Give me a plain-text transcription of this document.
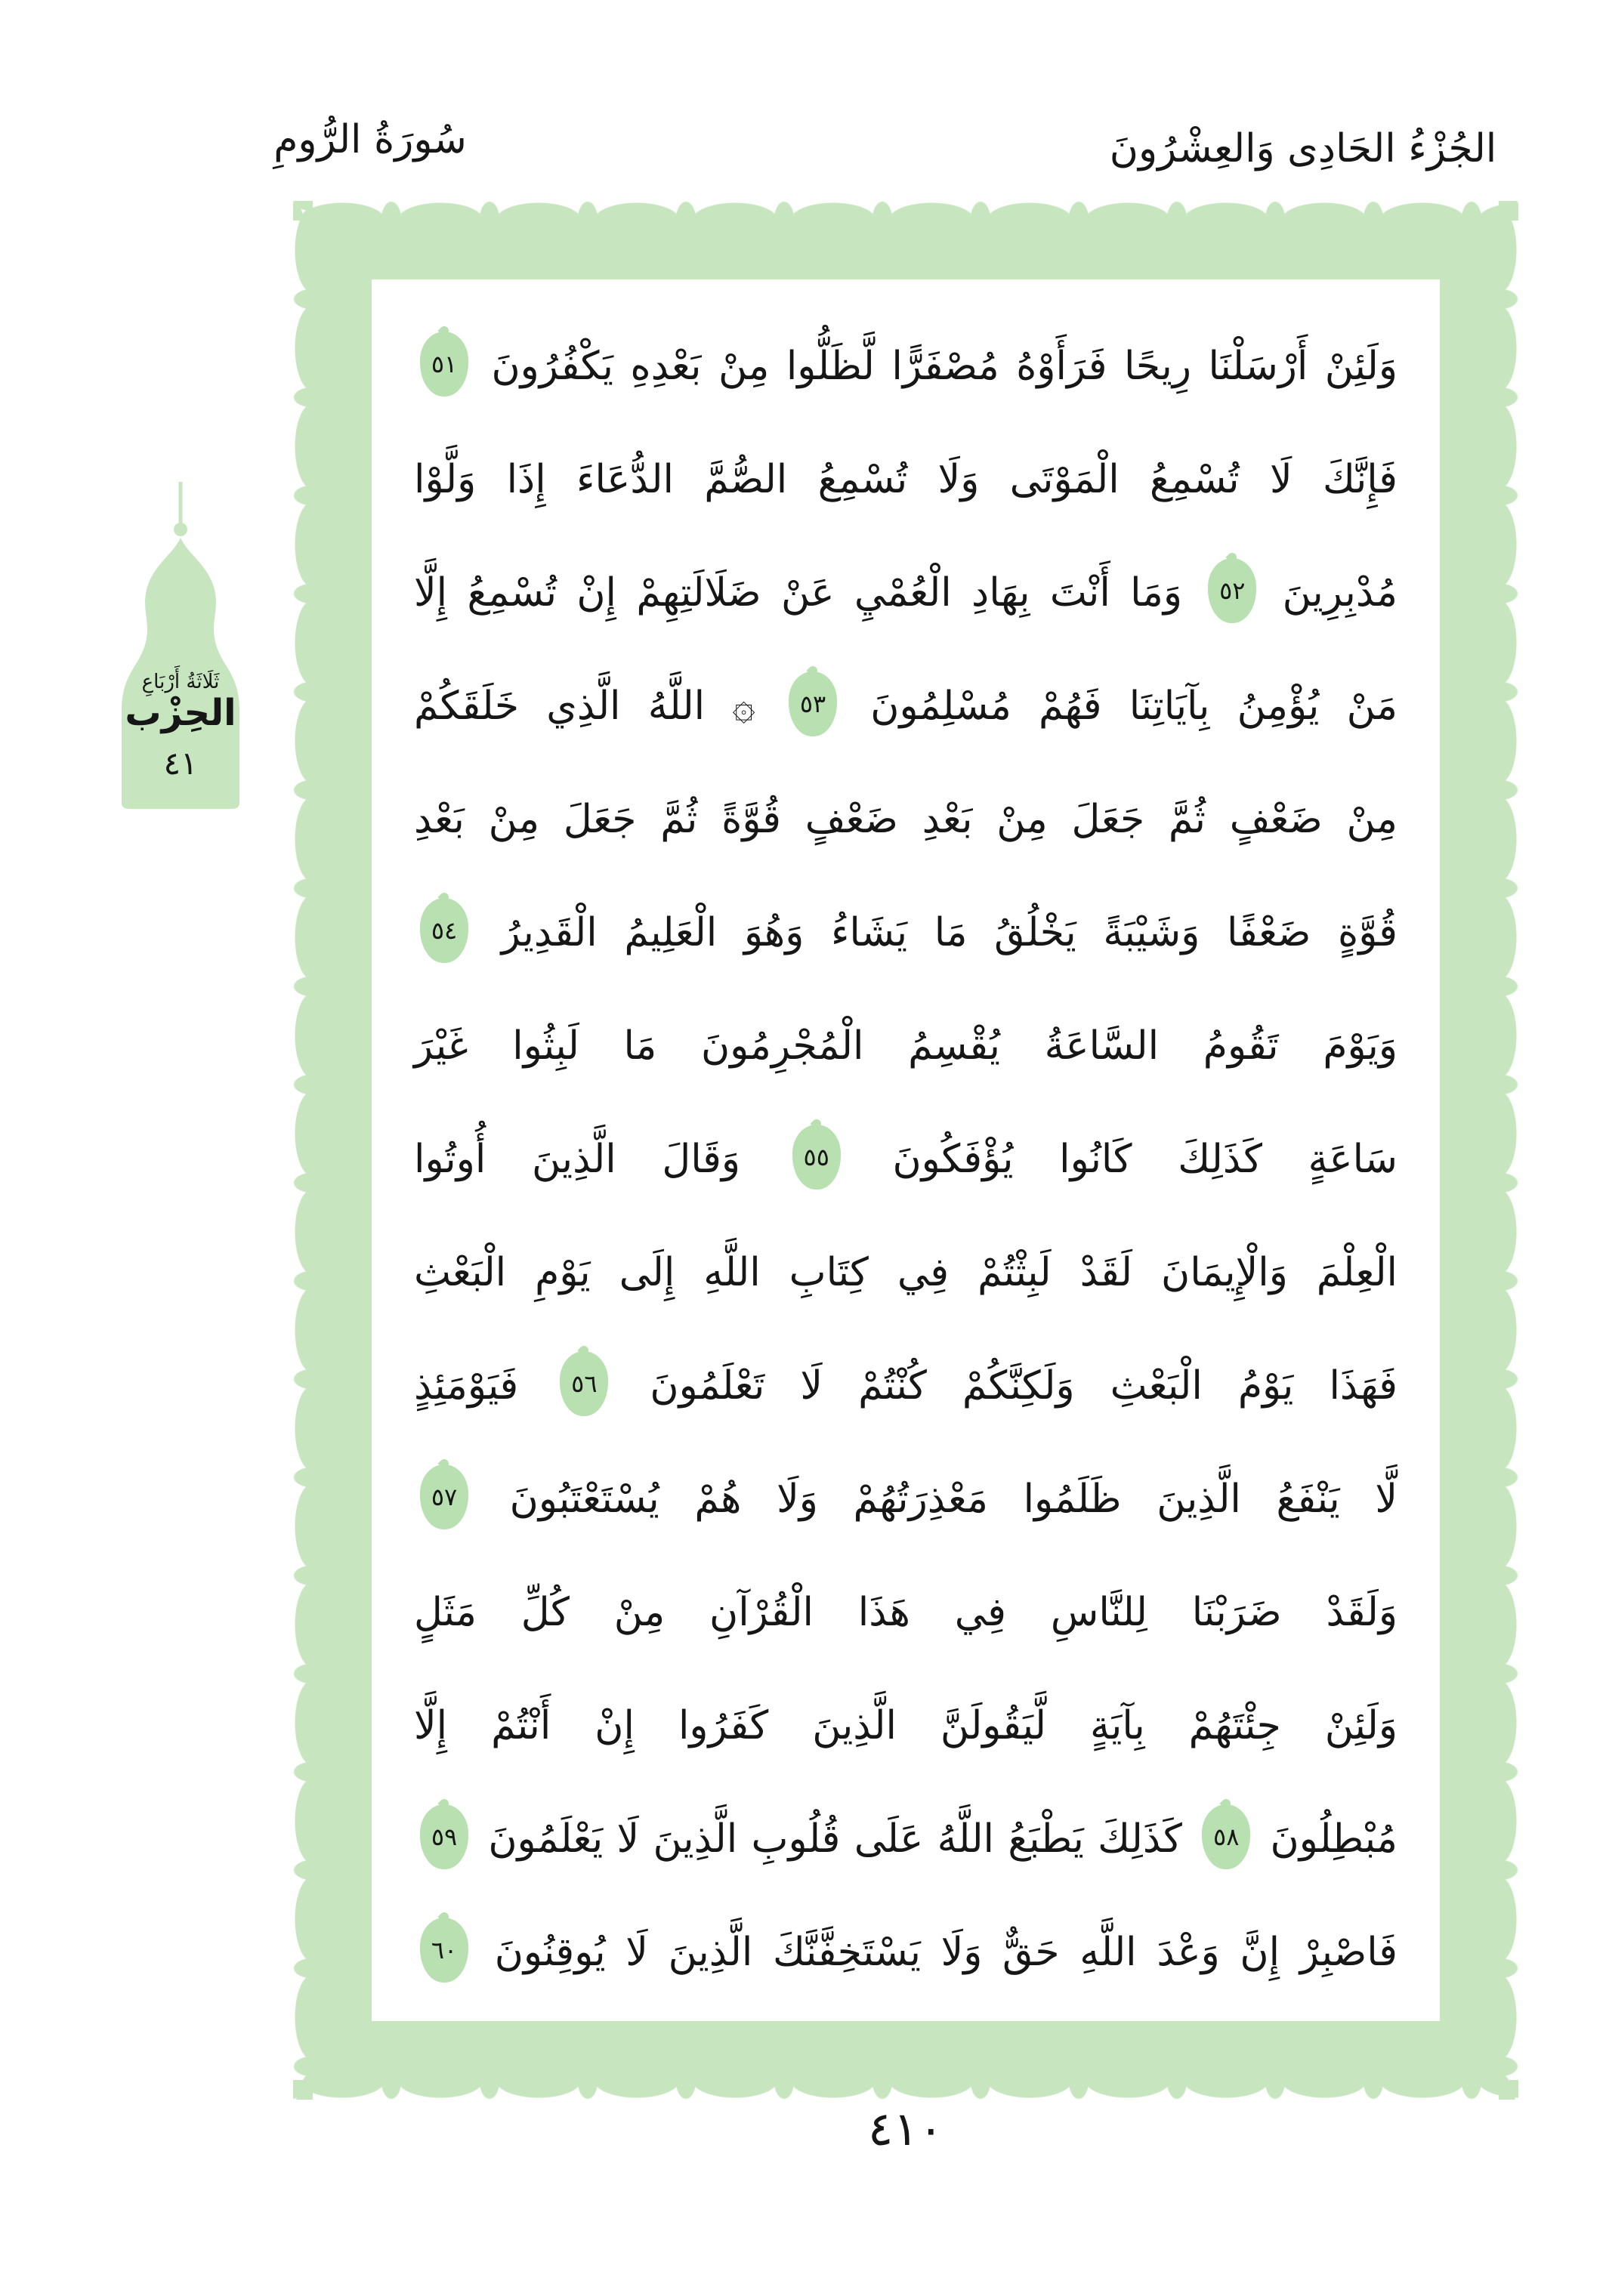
سُورَةُ الرُّومِ	الجُزْءُ الحَادِى وَالعِشْرُونَ
ثَلَاثَةُ أَرْبَاعِ
الحِزْب
٤١
وَلَئِنْ أَرْسَلْنَا رِيحًا فَرَأَوْهُ مُصْفَرًّا لَّظَلُّوا مِنْ بَعْدِهِ يَكْفُرُونَ ٥١
فَإِنَّكَ لَا تُسْمِعُ الْمَوْتَى وَلَا تُسْمِعُ الصُّمَّ الدُّعَاءَ إِذَا وَلَّوْا
مُدْبِرِينَ ٥٢ وَمَا أَنْتَ بِهَادِ الْعُمْيِ عَنْ ضَلَالَتِهِمْ إِنْ تُسْمِعُ إِلَّا
مَنْ يُؤْمِنُ بِآيَاتِنَا فَهُمْ مُسْلِمُونَ ٥٣ ۞ اللَّهُ الَّذِي خَلَقَكُمْ
مِنْ ضَعْفٍ ثُمَّ جَعَلَ مِنْ بَعْدِ ضَعْفٍ قُوَّةً ثُمَّ جَعَلَ مِنْ بَعْدِ
قُوَّةٍ ضَعْفًا وَشَيْبَةً يَخْلُقُ مَا يَشَاءُ وَهُوَ الْعَلِيمُ الْقَدِيرُ ٥٤
وَيَوْمَ تَقُومُ السَّاعَةُ يُقْسِمُ الْمُجْرِمُونَ مَا لَبِثُوا غَيْرَ
سَاعَةٍ كَذَلِكَ كَانُوا يُؤْفَكُونَ ٥٥ وَقَالَ الَّذِينَ أُوتُوا
الْعِلْمَ وَالْإِيمَانَ لَقَدْ لَبِثْتُمْ فِي كِتَابِ اللَّهِ إِلَى يَوْمِ الْبَعْثِ
فَهَذَا يَوْمُ الْبَعْثِ وَلَكِنَّكُمْ كُنْتُمْ لَا تَعْلَمُونَ ٥٦ فَيَوْمَئِذٍ
لَّا يَنْفَعُ الَّذِينَ ظَلَمُوا مَعْذِرَتُهُمْ وَلَا هُمْ يُسْتَعْتَبُونَ ٥٧
وَلَقَدْ ضَرَبْنَا لِلنَّاسِ فِي هَذَا الْقُرْآنِ مِنْ كُلِّ مَثَلٍ
وَلَئِنْ جِئْتَهُمْ بِآيَةٍ لَّيَقُولَنَّ الَّذِينَ كَفَرُوا إِنْ أَنْتُمْ إِلَّا
مُبْطِلُونَ ٥٨ كَذَلِكَ يَطْبَعُ اللَّهُ عَلَى قُلُوبِ الَّذِينَ لَا يَعْلَمُونَ ٥٩
فَاصْبِرْ إِنَّ وَعْدَ اللَّهِ حَقٌّ وَلَا يَسْتَخِفَّنَّكَ الَّذِينَ لَا يُوقِنُونَ ٦٠
٤١٠
